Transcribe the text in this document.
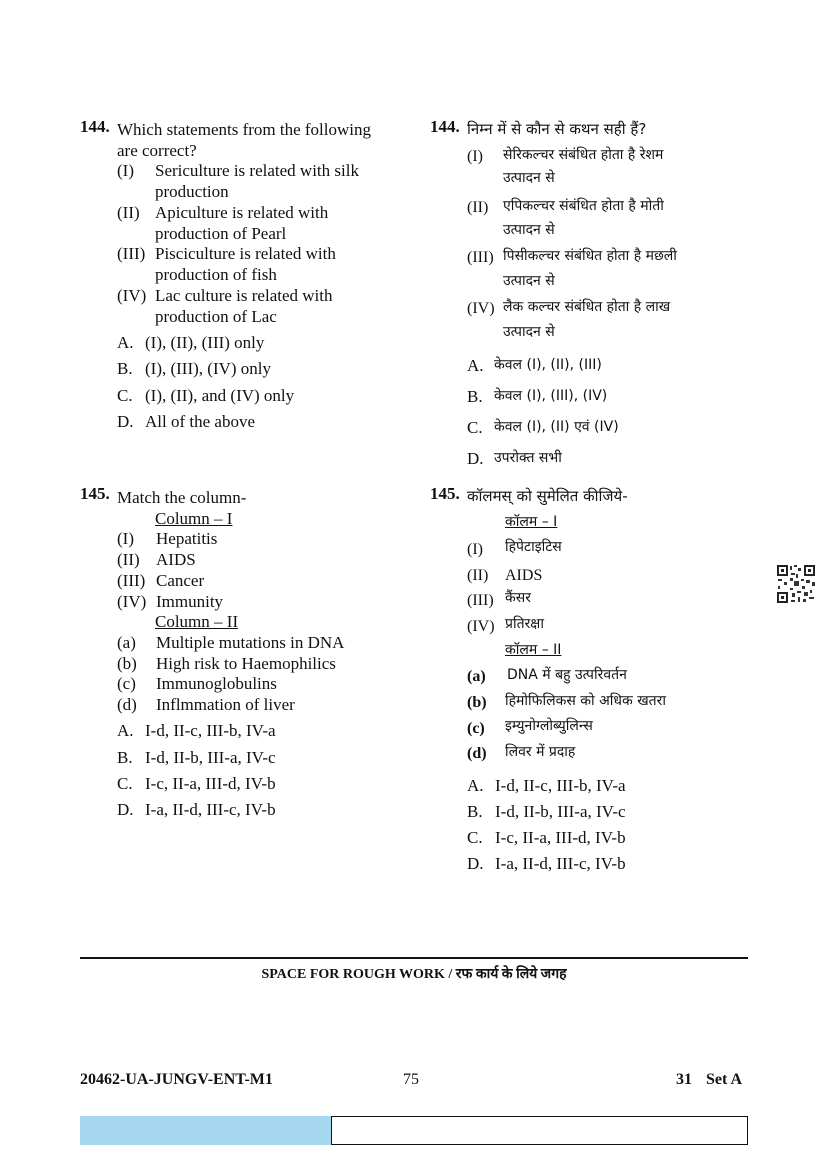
144. Which statements from the following
are correct?
(I) Sericulture is related with silk
production
(II) Apiculture is related with
production of Pearl
(III) Pisciculture is related with
production of fish
(IV) Lac culture is related with
production of Lac
A. (I), (II), (III) only
B. (I), (III), (IV) only
C. (I), (II), and (IV) only
D. All of the above
144. निम्न में से कौन से कथन सही हैं?
(I) सेरिकल्चर संबंधित होता है रेशम
उत्पादन से
(II) एपिकल्चर संबंधित होता है मोती
उत्पादन से
(III) पिसीकल्चर संबंधित होता है मछली
उत्पादन से
(IV) लैक कल्चर संबंधित होता है लाख
उत्पादन से
A. केवल (I), (II), (III)
B. केवल (I), (III), (IV)
C. केवल (I), (II) एवं (IV)
D. उपरोक्त सभी
145. Match the column-
Column – I
(I) Hepatitis
(II) AIDS
(III) Cancer
(IV) Immunity
Column – II
(a) Multiple mutations in DNA
(b) High risk to Haemophilics
(c) Immunoglobulins
(d) Inflmmation of liver
A. I-d, II-c, III-b, IV-a
B. I-d, II-b, III-a, IV-c
C. I-c, II-a, III-d, IV-b
D. I-a, II-d, III-c, IV-b
145. कॉलमस् को सुमेलित कीजिये-
कॉलम – I
(I) हिपेटाइटिस
(II) AIDS
(III) कैंसर
(IV) प्रतिरक्षा
कॉलम – II
(a) DNA में बहु उत्परिवर्तन
(b) हिमोफिलिकस को अधिक खतरा
(c) इम्युनोग्लोब्युलिन्स
(d) लिवर में प्रदाह
A. I-d, II-c, III-b, IV-a
B. I-d, II-b, III-a, IV-c
C. I-c, II-a, III-d, IV-b
D. I-a, II-d, III-c, IV-b
SPACE FOR ROUGH WORK / रफ कार्य के लिये जगह
20462-UA-JUNGV-ENT-M1	75	31 Set A
